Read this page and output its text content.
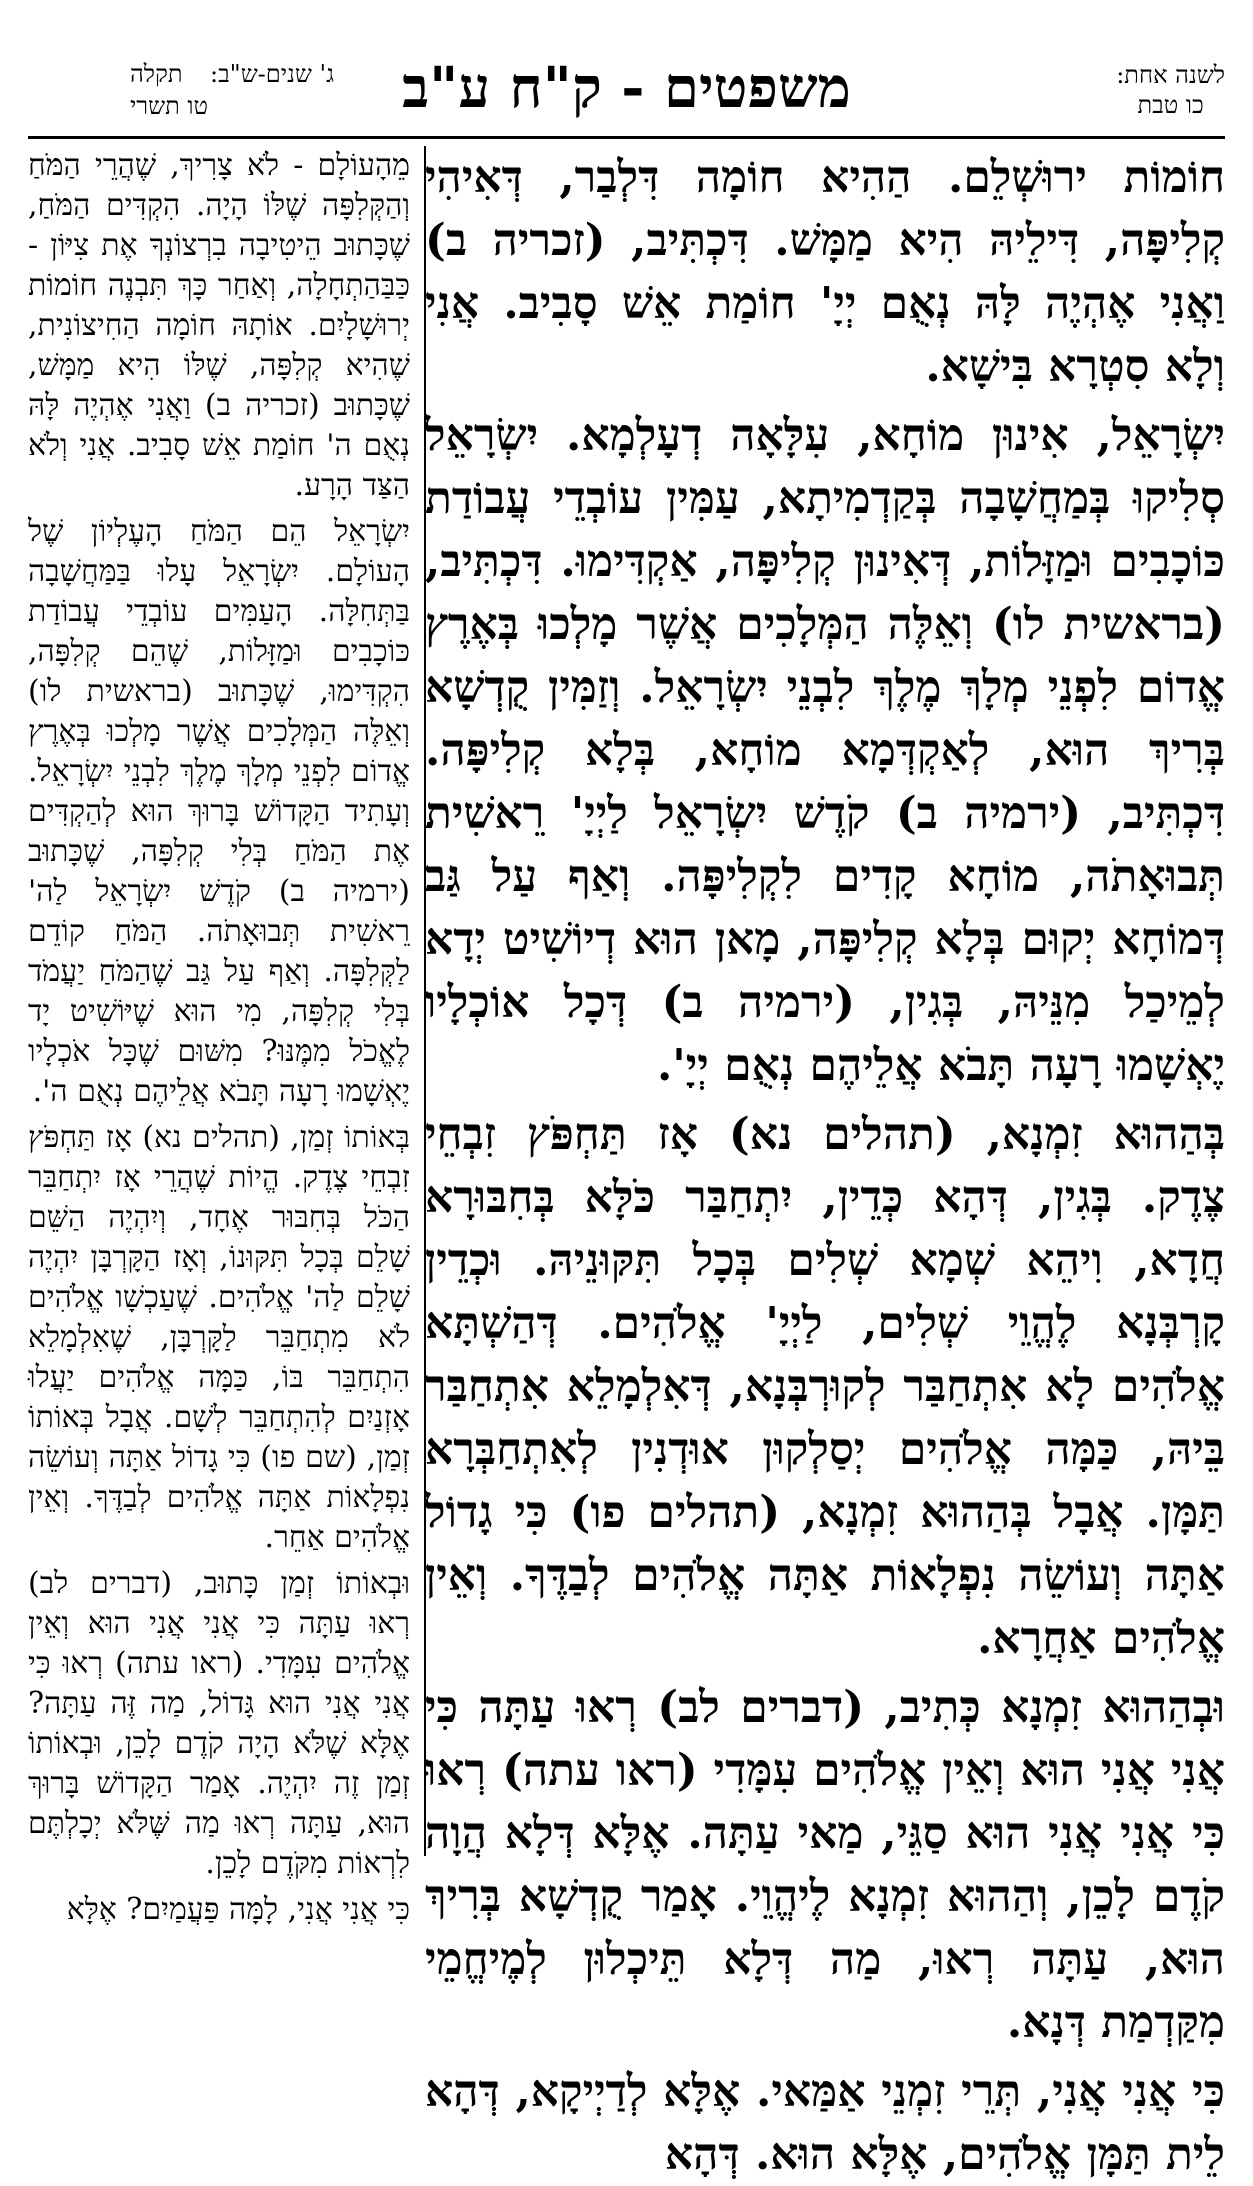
לשנה אחת:
כו טבת
משפטים - ק"ח ע"ב
ג' שנים-ש"ב:
תקלה
טו תשרי

חוֹמוֹת ירוּשְׁלֵם. הַהִיא חוֹמָה דִּלְבַר, דְּאִיהִי קְלִיפָּה, דִּילֵיהּ הִיא מַמָּשׁ. דִּכְתִּיב, (זכריה ב) וַאֲנִי אֶהְיֶה לָּהּ נְאֻם יְיָ' חוֹמַת אֵשׁ סָבִיב. אֲנִי וְלָא סִטְרָא בִּישָׁא.

יִשְׂרָאֵל, אִינוּן מוֹחָא, עִלָּאָה דְעָלְמָא. יִשְׂרָאֵל סְלִיקוּ בְּמַחֲשָׁבָה בְּקַדְמִיתָא, עַמִּין עוֹבְדֵי עֲבוֹדַת כּוֹכָבִים וּמַזָּלוֹת, דְּאִינוּן קְלִיפָּה, אַקְדִּימוּ. דִּכְתִּיב, (בראשית לו) וְאֵלֶּה הַמְּלָכִים אֲשֶׁר מָלְכוּ בְּאֶרֶץ אֱדוֹם לִפְנֵי מְלָךְ מֶלֶךְ לִבְנֵי יִשְׂרָאֵל. וְזַמִּין קֻדְשָׁא בְּרִיךְ הוּא, לְאַקְדְּמָא מוֹחָא, בְּלָא קְלִיפָּה. דִּכְתִּיב, (ירמיה ב) קֹדֶשׁ יִשְׂרָאֵל לַיְיָ' רֵאשִׁית תְּבוּאָתֹה, מוֹחָא קָדִים לִקְלִיפָּה. וְאַף עַל גַּב דְּמוֹחָא יְקוּם בְּלָא קְלִיפָּה, מָאן הוּא דְיוֹשִׁיט יְדָא לְמֵיכַל מִנֵּיהּ, בְּגִין, (ירמיה ב) דְּכָל אוֹכְלָיו יֶאְשָׁמוּ רָעָה תָּבֹא אֲלֵיהֶם נְאֻם יְיָ'.

בְּהַהוּא זִמְנָא, (תהלים נא) אָז תַּחְפֹּץ זִבְחֵי צֶדֶק. בְּגִין, דְּהָא כְּדֵין, יִתְחַבַּר כֹּלָּא בְּחִבּוּרָא חֲדָא, וִיהֵא שְׁמָא שְׁלִים בְּכָל תִּקּוּנֵיהּ. וּכְדֵין קָרְבְּנָא לֶהֱוֵי שְׁלִים, לַיְיָ' אֱלֹהִים. דְּהַשְׁתָּא אֱלֹהִים לָא אִתְחַבַּר לְקוּרְבְּנָא, דְּאִלְמָלֵא אִתְחַבַּר בֵּיהּ, כַּמָּה אֱלֹהִים יְסַלְקוּן אוּדְנִין לְאִתְחַבְּרָא תַּמָּן. אֲבָל בְּהַהוּא זִמְנָא, (תהלים פו) כִּי גָדוֹל אַתָּה וְעוֹשֵׂה נִפְלָאוֹת אַתָּה אֱלֹהִים לְבַדֶּךָ. וְאֵין אֱלֹהִים אַחֲרָא.

וּבְהַהוּא זִמְנָא כְּתִיב, (דברים לב) רְאוּ עַתָּה כִּי אֲנִי אֲנִי הוּא וְאֵין אֱלֹהִים עִמָּדִי (ראו עתה) רְאוּ כִּי אֲנִי אֲנִי הוּא סַגֵּי, מַאי עַתָּה. אֶלָּא דְּלָא הֲוָה קֹדֶם לָכֵן, וְהַהוּא זִמְנָא לֶיהֱוֵי. אָמַר קֻדְשָׁא בְּרִיךְ הוּא, עַתָּה רְאוּ, מַה דְּלָא תֵּיכְלוּן לְמֶיחֱמֵי מִקַּדְמַת דְּנָא.

כִּי אֲנִי אֲנִי, תְּרֵי זִמְנֵי אַמַּאי. אֶלָּא לְדַיְיקָא, דְּהָא לֵית תַּמָּן אֱלֹהִים, אֶלָּא הוּא. דְּהָא

מֵהָעוֹלָם - לֹא צָרִיךְ, שֶׁהֲרֵי הַמֹּחַ וְהַקְּלִפָּה שֶׁלּוֹ הָיָה. הִקְדִּים הַמֹּחַ, שֶׁכָּתוּב הֵיטִיבָה בִרְצוֹנְךָ אֶת צִיּוֹן - כַּבַּהַתְחָלָה, וְאַחַר כָּךְ תִּבְנֶה חוֹמוֹת יְרוּשָׁלָיִם. אוֹתָהּ חוֹמָה הַחִיצוֹנִית, שֶׁהִיא קְלִפָּה, שֶׁלּוֹ הִיא מַמָּשׁ, שֶׁכָּתוּב (זכריה ב) וַאֲנִי אֶהְיֶה לָּהּ נְאֻם ה' חוֹמַת אֵשׁ סָבִיב. אֲנִי וְלֹא הַצַּד הָרָע.

יִשְׂרָאֵל הֵם הַמֹּחַ הָעֶלְיוֹן שֶׁל הָעוֹלָם. יִשְׂרָאֵל עָלוּ בַּמַּחֲשָׁבָה בַּתְּחִלָּה. הָעַמִּים עוֹבְדֵי עֲבוֹדַת כּוֹכָבִים וּמַזָּלוֹת, שֶׁהֵם קְלִפָּה, הִקְדִּימוּ, שֶׁכָּתוּב (בראשית לו) וְאֵלֶּה הַמְּלָכִים אֲשֶׁר מָלְכוּ בְּאֶרֶץ אֱדוֹם לִפְנֵי מְלָךְ מֶלֶךְ לִבְנֵי יִשְׂרָאֵל. וְעָתִיד הַקָּדוֹשׁ בָּרוּךְ הוּא לְהַקְדִּים אֶת הַמֹּחַ בְּלִי קְלִפָּה, שֶׁכָּתוּב (ירמיה ב) קֹדֶשׁ יִשְׂרָאֵל לַה' רֵאשִׁית תְּבוּאָתֹה. הַמֹּחַ קוֹדֵם לַקְּלִפָּה. וְאַף עַל גַּב שֶׁהַמֹּחַ יַעֲמֹד בְּלִי קְלִפָּה, מִי הוּא שֶׁיּוֹשִׁיט יָד לֶאֱכֹל מִמֶּנּוּ? מִשּׁוּם שֶׁכָּל אֹכְלָיו יֶאְשָׁמוּ רָעָה תָּבֹא אֲלֵיהֶם נְאֻם ה'.

בְּאוֹתוֹ זְמַן, (תהלים נא) אָז תַּחְפֹּץ זִבְחֵי צֶדֶק. הֱיוֹת שֶׁהֲרֵי אָז יִתְחַבֵּר הַכֹּל בְּחִבּוּר אֶחָד, וְיִהְיֶה הַשֵּׁם שָׁלֵם בְּכָל תִּקּוּנוֹ, וְאָז הַקָּרְבָּן יִהְיֶה שָׁלֵם לַה' אֱלֹהִים. שֶׁעַכְשָׁו אֱלֹהִים לֹא מִתְחַבֵּר לַקָּרְבָּן, שֶׁאִלְמָלֵא הִתְחַבֵּר בּוֹ, כַּמָּה אֱלֹהִים יַעֲלוּ אָזְנַיִם לְהִתְחַבֵּר לְשָׁם. אֲבָל בְּאוֹתוֹ זְמַן, (שם פו) כִּי גָדוֹל אַתָּה וְעוֹשֵׂה נִפְלָאוֹת אַתָּה אֱלֹהִים לְבַדֶּךָ. וְאֵין אֱלֹהִים אַחֵר.

וּבְאוֹתוֹ זְמַן כָּתוּב, (דברים לב) רְאוּ עַתָּה כִּי אֲנִי אֲנִי הוּא וְאֵין אֱלֹהִים עִמָּדִי. (ראו עתה) רְאוּ כִּי אֲנִי אֲנִי הוּא גָּדוֹל, מַה זֶּה עַתָּה? אֶלָּא שֶׁלֹּא הָיָה קֹדֶם לָכֵן, וּבְאוֹתוֹ זְמַן זֶה יִהְיֶה. אָמַר הַקָּדוֹשׁ בָּרוּךְ הוּא, עַתָּה רְאוּ מַה שֶּׁלֹּא יְכָלְתֶּם לִרְאוֹת מִקֹּדֶם לָכֵן.

כִּי אֲנִי אֲנִי, לָמָּה פַּעֲמַיִם? אֶלָּא
